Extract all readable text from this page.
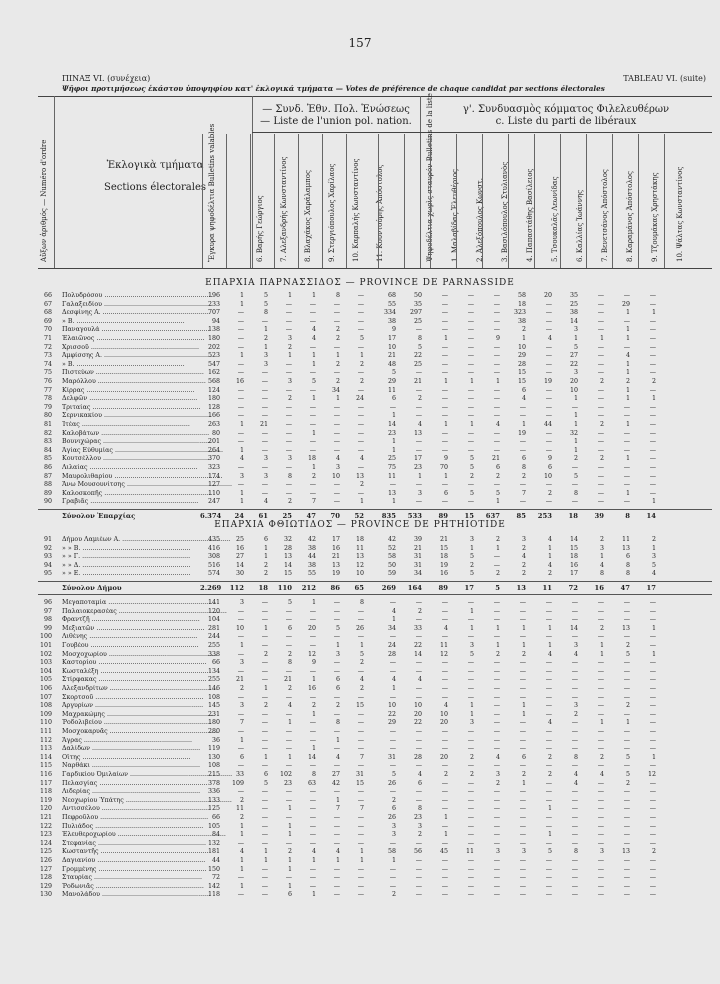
157
ΠΙΝΑΞ VI. (συνέχεια)	TABLEAU VI. (suite)
Ψῆφοι προτιμήσεως ἑκάστου ὑποψηφίου κατ' ἐκλογικά τμήματα — Votes de préférence de chaque candidat par sections électorales
Αὔξων ἀριθμός — Numéro d'ordre	Ἐκλογικὰ τμήματα
Sections électorales
— Συνδ. Ἐθν. Πολ. Ἑνώσεως
— Liste de l'union pol. nation.
γ'. Συνδυασμὸς κόμματος Φιλελευθέρων
c. Liste du parti de libéraux
Ἔγκυρα ψηφοδέλτια Bulletins valables	6. Βαρής Γεώργιος 7. Αλεξανδρής Κωνσταντίνος 8. Βλαχάκος Χαράλαμπος 9. Στεργιόπουλος Χαρίλαος 10. Καρπαλής Κωνσταντίνος 11. Κουντούρης Ἀπόστολος	Ψηφοδέλτια χωρὶς σταυρόν Bulletins de la liste 1. Μαλαβίδας Ἐλευθέριος 2. Ἀλεξόπουλος Κωνστ. 3. Βασιλόπουλος Στυλιανὸς 4. Παπαστάθης Βασίλειος 5. Τσουκαλᾶς Λεωνίδας 6. Καλλίας Ἰωάννης 7. Βενετσάνος Ἀπόστολος 8. Καραμάνος Ἀπόστολος 9. Τζουμάκας Χρηστάκης 10. Ψάλτας Κωνσταντίνος
ΕΠΑΡΧΙΑ ΠΑΡΝΑΣΣΙΔΟΣ — PROVINCE DE PARNASSIDE
66 Πολυδρόσου .....	196	1	5	1	1	8	—	68	50	—	—	—	58	20	35	—	—	—
67 Γαλαξειδίου .....	233	1	5	—	—	—	—	55	35	—	—	—	18	—	25	—	29	—
68 Δεσφίνης Α. .....	707	—	8	—	—	—	—	334	297	—	—	—	323	—	38	—	1	1
69 » Β. .....	94	—	—	—	—	—	—	38	25	—	—	—	38	—	14	—	—	—
70 Παναγουλά .....	138	—	1	—	4	2	—	9	—	—	—	—	2	—	3	—	1	—
71 Ἐλαιῶνος .....	180	—	2	3	4	2	5	17	8	1	—	9	1	4	1	1	1	—
72 Χρισσοῦ .....	202	—	1	2	—	—	—	10	5	—	—	—	10	—	5	—	—	—
73 Ἀμφίσσης Α. .....	523	1	3	1	1	1	1	21	22	—	—	—	29	—	27	—	4	—
74 » Β. .....	547	—	3	—	1	2	2	48	25	—	—	—	28	—	22	—	1	—
75 Πιστεύων .....	162	—	—	—	—	—	—	5	—	—	—	—	15	—	3	—	1	—
76 Μαρόλλου .....	568	16	—	3	5	2	2	29	21	1	1	1	15	19	20	2	2	2
77 Κίρρας .....	124	—	—	—	—	34	—	11	—	—	—	—	6	—	10	—	1	—
78 Δελφῶν .....	180	—	—	2	1	1	24	6	2	—	—	—	4	—	1	—	1	1
79 Τριταίας .....	128	—	—	—	—	—	—	—	—	—	—	—	—	—	—	—	—	—
80 Σερνικακίου .....	166	—	—	—	—	—	—	1	—	—	—	—	—	—	1	—	—	—
81 Ἰτέας .....	263	1	21	—	—	—	—	14	4	1	1	4	1	44	1	2	1	—
82 Καλοβάτων .....	80	—	—	—	1	—	—	23	13	—	—	—	19	—	32	—	—	—
83 Βουνιχώρας .....	201	—	—	—	—	—	—	1	—	—	—	—	—	—	1	—	—	—
84 Ἁγίας Εὐθυμίας .....	264	1	—	—	—	—	—	1	—	—	—	—	—	—	1	—	—	—
85 Κουτσέλλου .....	370	4	3	3	18	4	4	25	17	9	5	21	6	9	2	2	1	—
86 Λιλαίας .....	323	—	—	—	1	3	—	75	23	70	5	6	8	6	—	—	—	—
87 Μαυρολιθαρίου .....	174	3	3	8	2	10	13	11	1	1	2	2	2	10	5	—	—	—
88 Ἄνω Μουσουνίτσης .....	127	—	—	—	—	—	2	—	—	—	—	—	—	—	—	—	—	—
89 Καλοσκοπῆς .....	110	1	—	—	—	—	—	13	3	6	5	5	7	2	8	—	1	—
90 Γραβιᾶς .....	247	1	4	2	7	—	1	1	—	—	—	1	—	—	—	—	—	1
Σύνολον Ἐπαρχίας	6.374	24	61	25	47	70	52	835	533	89	15	637	85	253	18	39	8	14
ΕΠΑΡΧΙΑ ΦΘΙΩΤΙΔΟΣ — PROVINCE DE PHTHIOTIDE
91 Δήμου Λαμιέων Α. .....	435	25	6	32	42	17	18	42	39	21	3	2	3	4	14	2	11	2
92 » » Β. .....	416	16	1	28	38	16	11	52	21	15	1	1	2	1	15	3	13	1
93 » » Γ. .....	308	27	1	13	44	21	13	58	31	18	5	—	4	1	18	1	6	3
94 » » Δ. .....	516	14	2	14	38	13	12	50	31	19	2	—	2	4	16	4	8	5
95 » » Ε. .....	574	30	2	15	55	19	10	59	34	16	5	2	2	2	17	8	8	4
Σύνολον Δήμου	2.269	112	18	110	212	86	65	269	164	89	17	5	13	11	72	16	47	17
96 Μεγαποταμία .....	141	3	—	5	1	—	8	—	—	—	—	—	—	—	—	—	—	—
97 Παλαιοκερασέας .....	120	—	—	—	—	—	—	4	2	—	1	—	—	—	—	—	—	—
98 Φραντζῆ .....	104	—	—	—	—	—	—	1	—	—	—	—	—	—	—	—	—	—
99 Μεξιατῶν .....	281	10	1	6	20	5	26	34	33	4	1	1	1	1	14	2	13	1
100 Λιθένης .....	244	—	—	—	—	—	—	—	—	—	—	—	—	—	—	—	—	—
101 Γουβέου .....	255	1	—	—	—	1	1	24	22	11	3	1	1	1	3	1	2	—
102 Μοσχοχωρίου .....	338	—	2	2	12	3	5	28	14	12	5	2	2	4	4	1	5	1
103 Καστορίου .....	66	3	—	8	9	—	2	—	—	—	—	—	—	—	—	—	—	—
104 Κωσταλέξη .....	134	—	—	—	—	—	—	—	—	—	—	—	—	—	—	—	—	—
105 Στίρφακας .....	255	21	—	21	1	6	4	4	4	—	—	—	—	—	—	—	—	—
106 Ἀλεξανδρίτων .....	146	2	1	2	16	6	2	1	—	—	—	—	—	—	—	—	—	—
107 Σκορτσοῦ .....	108	—	—	—	—	—	—	—	—	—	—	—	—	—	—	—	—	—
108 Ἀργυρίων .....	145	3	2	4	2	2	15	10	10	4	1	—	1	—	3	—	2	—
109 Μαχρακώμης .....	231	—	—	—	1	—	—	22	20	10	1	—	1	—	2	—	—	—
110 Ῥοδολιβείου .....	180	7	—	1	—	8	—	29	22	20	3	—	—	4	—	1	1	—
111 Μοσχοκαρυᾶς .....	280	—	—	—	—	—	—	—	—	—	—	—	—	—	—	—	—	—
112 Ἄγρας .....	36	1	—	—	—	1	—	—	—	—	—	—	—	—	—	—	—	—
113 Δαλίδων .....	119	—	—	—	1	—	—	—	—	—	—	—	—	—	—	—	—	—
114 Οἴτης .....	130	6	1	1	14	4	7	31	28	20	2	4	6	2	8	2	5	1
115 Ναρθάκι .....	108	—	—	—	—	—	—	—	—	—	—	—	—	—	—	—	—	—
116 Γαρδικίου Ὀμιλαίων .....	215	33	6	102	8	27	31	5	4	2	2	3	2	2	4	4	5	12
117 Πελασγίας .....	378	109	5	23	63	42	15	26	6	—	—	2	1	—	4	—	2	—
118 Λιδερίας .....	336	—	—	—	—	—	—	—	—	—	—	—	—	—	—	—	—	—
119 Νεοχωρίου Ὑπάτης .....	133	2	—	—	—	1	—	2	—	—	—	—	—	—	—	—	—	—
120 Αντισσέλου .....	125	11	—	1	—	7	7	6	8	—	—	—	—	1	—	—	—	—
121 Πεφροῦλου .....	66	2	—	—	—	—	—	26	23	1	—	—	—	—	—	—	—	—
122 Πυλιάδος .....	105	1	—	1	—	—	—	3	3	—	—	—	—	—	—	—	—	—
123 Ἐλευθεροχωρίου .....	84	1	—	1	—	—	—	3	2	1	—	—	—	1	—	—	—	—
124 Στεφανίας .....	132	—	—	—	—	—	—	—	—	—	—	—	—	—	—	—	—	—
125 Κωσταντῆς .....	181	4	1	2	4	4	1	58	56	45	11	3	3	5	8	3	13	2
126 Δαγιανίου .....	44	1	1	1	1	1	1	1	—	—	—	—	—	—	—	—	—	—
127 Γρομμένης .....	150	1	—	1	—	—	—	—	—	—	—	—	—	—	—	—	—	—
128 Σταυρίας .....	72	—	—	—	—	—	—	—	—	—	—	—	—	—	—	—	—	—
129 Ῥοδωνιᾶς .....	142	1	—	1	—	—	—	—	—	—	—	—	—	—	—	—	—	—
130 Μανολάδου .....	118	—	—	6	1	—	—	2	—	—	—	—	—	—	—	—	—	—
